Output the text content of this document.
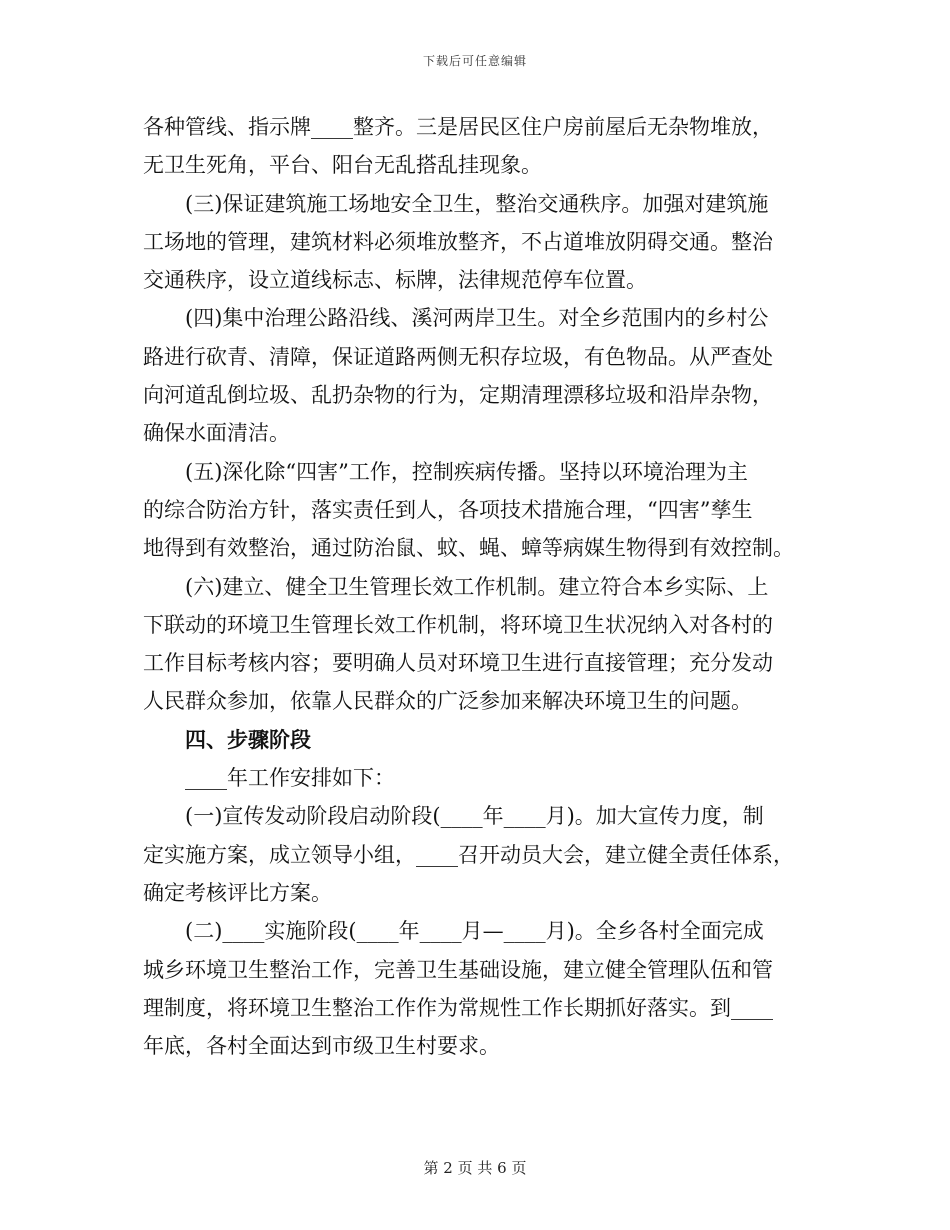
下载后可任意编辑
各种管线、指示牌____整齐。三是居民区住户房前屋后无杂物堆放，
无卫生死角，平台、阳台无乱搭乱挂现象。
(三)保证建筑施工场地安全卫生，整治交通秩序。加强对建筑施
工场地的管理，建筑材料必须堆放整齐，不占道堆放阴碍交通。整治
交通秩序，设立道线标志、标牌，法律规范停车位置。
(四)集中治理公路沿线、溪河两岸卫生。对全乡范围内的乡村公
路进行砍青、清障，保证道路两侧无积存垃圾，有色物品。从严查处
向河道乱倒垃圾、乱扔杂物的行为，定期清理漂移垃圾和沿岸杂物，
确保水面清洁。
(五)深化除“四害”工作，控制疾病传播。坚持以环境治理为主
的综合防治方针，落实责任到人，各项技术措施合理，“四害”孳生
地得到有效整治，通过防治鼠、蚊、蝇、蟑等病媒生物得到有效控制。
(六)建立、健全卫生管理长效工作机制。建立符合本乡实际、上
下联动的环境卫生管理长效工作机制，将环境卫生状况纳入对各村的
工作目标考核内容；要明确人员对环境卫生进行直接管理；充分发动
人民群众参加，依靠人民群众的广泛参加来解决环境卫生的问题。
四、步骤阶段
____年工作安排如下：
(一)宣传发动阶段启动阶段(____年____月)。加大宣传力度，制
定实施方案，成立领导小组，____召开动员大会，建立健全责任体系，
确定考核评比方案。
(二)____实施阶段(____年____月—____月)。全乡各村全面完成
城乡环境卫生整治工作，完善卫生基础设施，建立健全管理队伍和管
理制度，将环境卫生整治工作作为常规性工作长期抓好落实。到____
年底，各村全面达到市级卫生村要求。
第 2 页 共 6 页
